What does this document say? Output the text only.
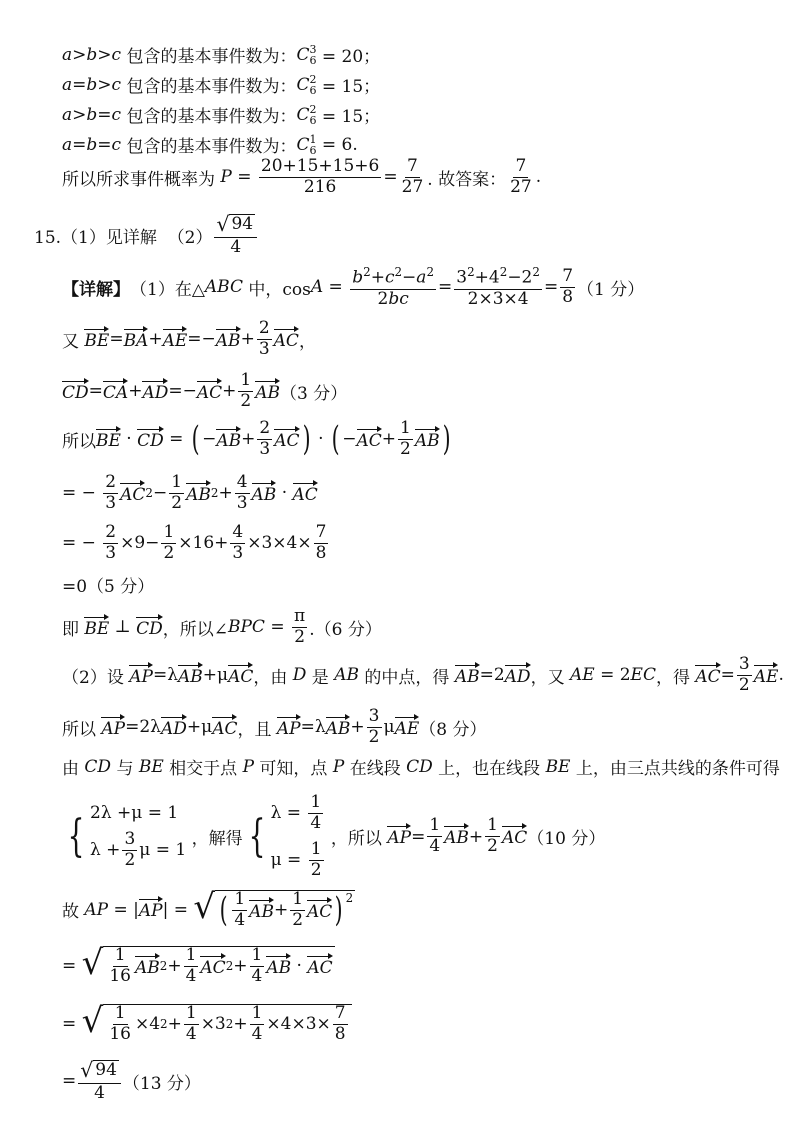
a > b > c 包含的基本事件数为： C 3
6 = 20；
a = b > c 包含的基本事件数为： C 2
6 = 15；
a > b = c 包含的基本事件数为： C 2
6 = 15；
a = b = c 包含的基本事件数为： C 1
6 = 6.
所以所求事件概率为 $P = \frac{20+15+15+6}{216} = \frac{7}{27}$ . 故答案： $\frac{7}{27}$ .
15.（1）见详解  $(2) \frac{√ 94}{4}$
【详解】 （1）在△ ABC 中，$\cos A = \frac{b^2+c^2-a^2}{2bc} = \frac{3^2+4^2-2^2}{2\times 3\times 4} = \frac{7}{8} (1$ 分）
又 BE = BA + AE =− AB + $\frac{2}{3}$ AC ，
CD = CA + AD =− AC + $\frac{1}{2}$ AB （3 分）
所以 BE · CD = ( − AB + $\frac{2}{3}$ AC ) · ( − AC + $\frac{1}{2}$ AB )
= − $\frac{2}{3}$ AC $2 - \frac{1}{2}$ AB $2 + \frac{4}{3}$ AB · AC
= − $\frac{2}{3} \times 9- \frac{1}{2} \times 16+ \frac{4}{3} \times 3\times 4\times \frac{7}{8}$
=0（5 分）
即 BE ⊥ CD ，所以∠ BPC = $\frac{\pi}{2} .(6$ 分）
（2）设 AP =λ AB +μ AC ，由 D 是 AB 的中点，得 AB =2 AD ，又 AE = 2 EC ，得 AC = $\frac{3}{2}$ AE .
所以 AP =2λ AD +μ AC ，且 AP =λ AB + $\frac{3}{2}$ μ AE （8 分）
由 CD 与 BE 相交于点 P 可知，点 P 在线段 CD 上，也在线段 BE 上，由三点共线的条件可得
{ 2λ +μ = 1
$\lambda + \frac{3}{2}$ μ = 1
，解得 { $\lambda = \frac{1}{4}$
$\mu = \frac{1}{2}$
，所以 AP = $\frac{1}{4}$ AB + $\frac{1}{2}$ AC （10 分）
故 AP = | AP | = √ ( $\frac{1}{4}$ AB + $\frac{1}{2}$ AC )$^2$
= √ $\frac{1}{16}$ AB $2 + \frac{1}{4}$ AC $2 + \frac{1}{4}$ AB · AC
= √ $\frac{1}{16} \times 4$ $2 + \frac{1}{4} \times 3$ $2 + \frac{1}{4} \times 4\times 3\times \frac{7}{8}$
= $\frac{√ 94}{4} (13$ 分）
